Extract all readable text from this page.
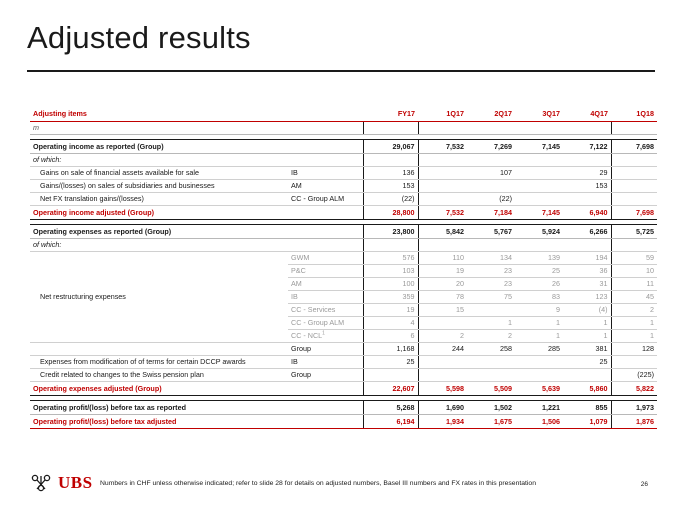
Adjusted results
Adjusting items		FY17	1Q17	2Q17	3Q17	4Q17	1Q18
m							

Operating income as reported (Group)		29,067	7,532	7,269	7,145	7,122	7,698
of which:							
Gains on sale of financial assets available for sale	IB	136		107		29	
Gains/(losses) on sales of subsidiaries and businesses	AM	153				153	
Net FX translation gains/(losses)	CC - Group ALM	(22)		(22)			
Operating income adjusted (Group)		28,800	7,532	7,184	7,145	6,940	7,698

Operating expenses as reported (Group)		23,800	5,842	5,767	5,924	6,266	5,725
of which:							
Net restructuring expenses	GWM	576	110	134	139	194	59
	P&C	103	19	23	25	36	10
	AM	100	20	23	26	31	11
	IB	359	78	75	83	123	45
	CC - Services	19	15		9	(4)	2
	CC - Group ALM	4		1	1	1	1
	CC - NCL$^1$	6	2	2	1	1	1
	Group	1,168	244	258	285	381	128
Expenses from modification of of terms for certain DCCP awards	IB	25				25	
Credit related to changes to the Swiss pension plan	Group						(225)
Operating expenses adjusted (Group)		22,607	5,598	5,509	5,639	5,860	5,822

Operating profit/(loss) before tax as reported		5,268	1,690	1,502	1,221	855	1,973
Operating profit/(loss) before tax adjusted		6,194	1,934	1,675	1,506	1,079	1,876
UBS Numbers in CHF unless otherwise indicated; refer to slide 28 for details on adjusted numbers, Basel III numbers and FX rates in this presentation	26
